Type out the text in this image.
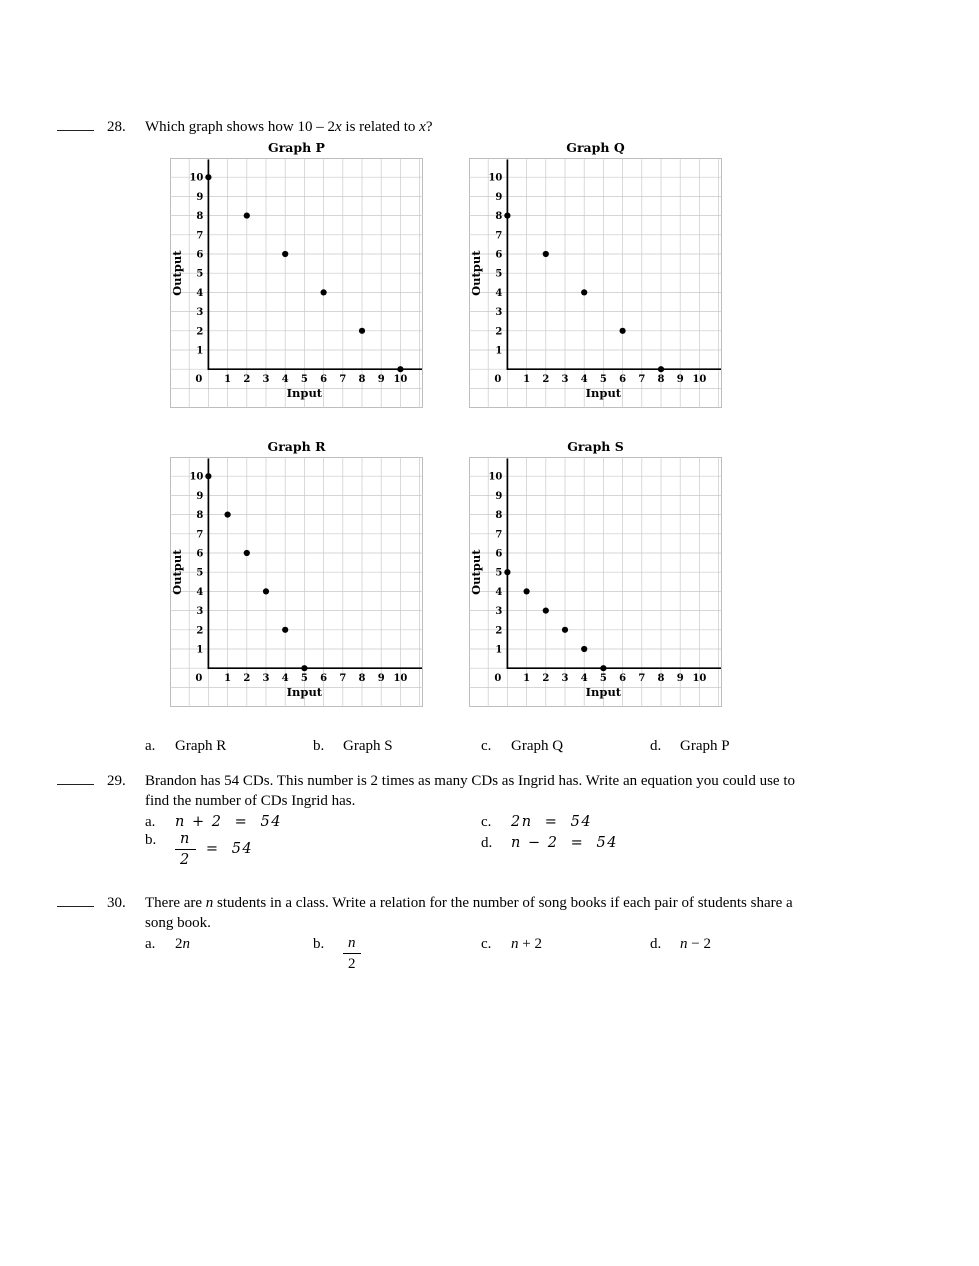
28. Which graph shows how 10 – 2x is related to x?
Graph P
1
1
2
2
3
3
4
4
5
5
6
6
7
7
8
8
9
9
10
10
0
Input
Output
Graph Q
1
1
2
2
3
3
4
4
5
5
6
6
7
7
8
8
9
9
10
10
0
Input
Output
Graph R
1
1
2
2
3
3
4
4
5
5
6
6
7
7
8
8
9
9
10
10
0
Input
Output
Graph S
1
1
2
2
3
3
4
4
5
5
6
6
7
7
8
8
9
9
10
10
0
Input
Output
a. Graph R	b. Graph S	c. Graph Q	d. Graph P
29. Brandon has 54 CDs. This number is 2 times as many CDs as Ingrid has. Write an equation you could use to
find the number of CDs Ingrid has.
a. n + 2  =  54	c. 2n  =  54
b.	$\frac{n}{2} = 54$	d. n − 2  =  54
30. There are n students in a class. Write a relation for the number of song books if each pair of students share a
song book.
a. 2n	b.	$\frac{n}{2}$	c. n + 2	d. n − 2
